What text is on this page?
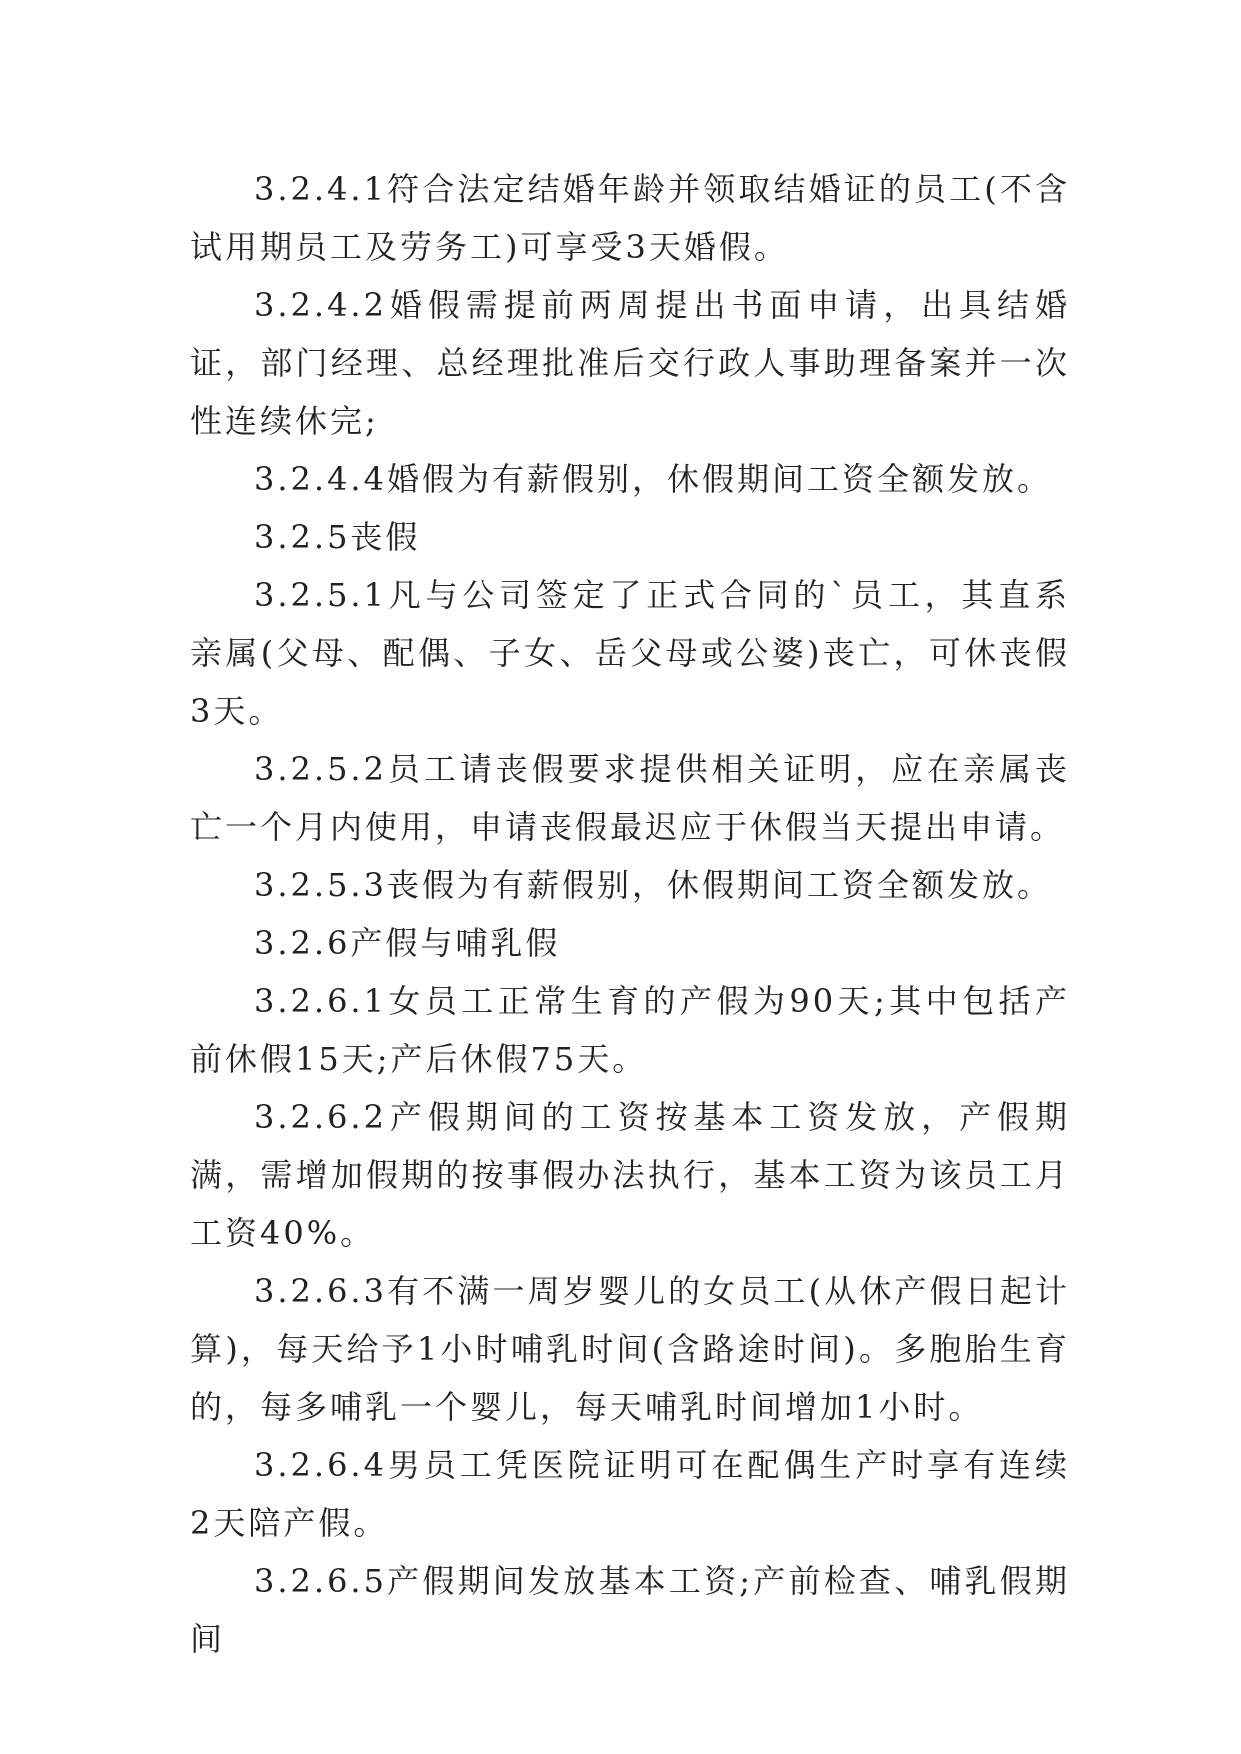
3.2.4.1符合法定结婚年龄并领取结婚证的员工(不含试用期员工及劳务工)可享受3天婚假。

3.2.4.2婚假需提前两周提出书面申请，出具结婚证，部门经理、总经理批准后交行政人事助理备案并一次性连续休完;

3.2.4.4婚假为有薪假别，休假期间工资全额发放。

3.2.5丧假

3.2.5.1凡与公司签定了正式合同的`员工，其直系亲属(父母、配偶、子女、岳父母或公婆)丧亡，可休丧假3天。

3.2.5.2员工请丧假要求提供相关证明，应在亲属丧亡一个月内使用，申请丧假最迟应于休假当天提出申请。

3.2.5.3丧假为有薪假别，休假期间工资全额发放。

3.2.6产假与哺乳假

3.2.6.1女员工正常生育的产假为90天;其中包括产前休假15天;产后休假75天。

3.2.6.2产假期间的工资按基本工资发放，产假期满，需增加假期的按事假办法执行，基本工资为该员工月工资40%。

3.2.6.3有不满一周岁婴儿的女员工(从休产假日起计算)，每天给予1小时哺乳时间(含路途时间)。多胞胎生育的，每多哺乳一个婴儿，每天哺乳时间增加1小时。

3.2.6.4男员工凭医院证明可在配偶生产时享有连续2天陪产假。

3.2.6.5产假期间发放基本工资;产前检查、哺乳假期间
